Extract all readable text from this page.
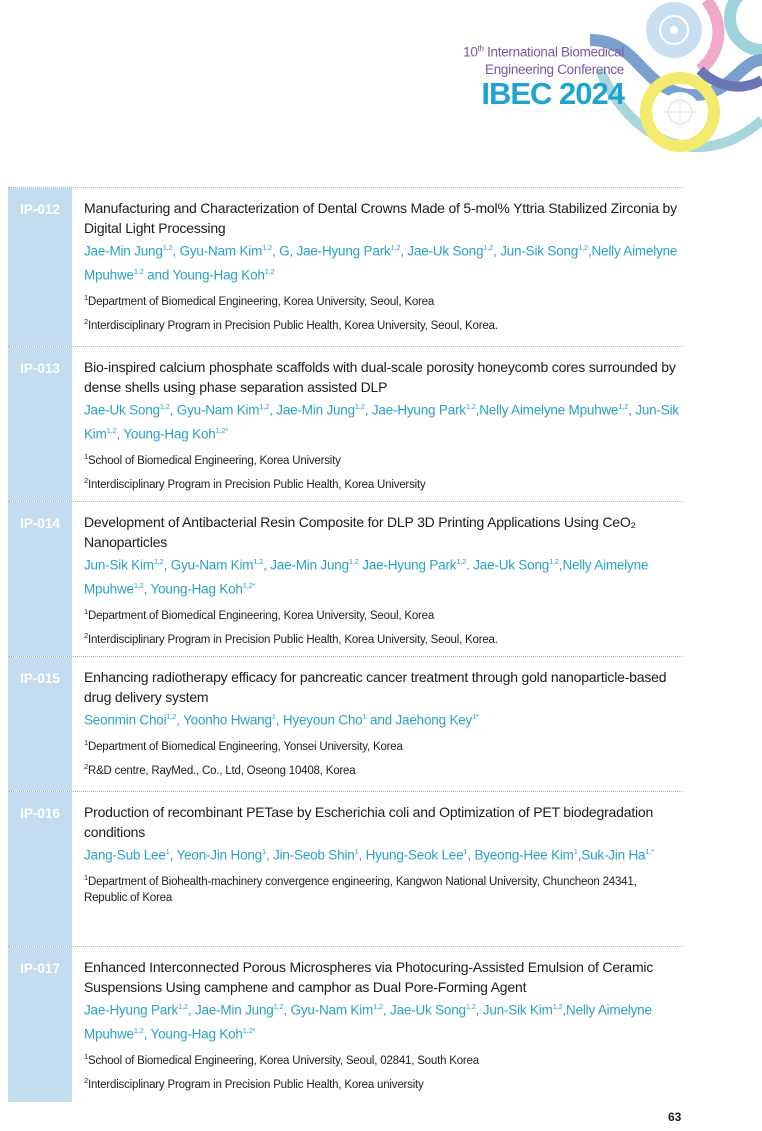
10th International Biomedical
Engineering Conference
IBEC 2024
IP-012	Manufacturing and Characterization of Dental Crowns Made of 5-mol% Yttria Stabilized Zirconia by Digital Light Processing
Jae-Min Jung$^{1,2}$, Gyu-Nam Kim$^{1,2}$, G, Jae-Hyung Park$^{1,2}$, Jae-Uk Song$^{1,2}$, Jun-Sik Song$^{1,2}$,Nelly Aimelyne Mpuhwe$^{1,2}$ and Young-Hag Koh$^{1,2}$
$^1$Department of Biomedical Engineering, Korea University, Seoul, Korea
$^2$Interdisciplinary Program in Precision Public Health, Korea University, Seoul, Korea.
IP-013	Bio-inspired calcium phosphate scaffolds with dual-scale porosity honeycomb cores surrounded by dense shells using phase separation assisted DLP
Jae-Uk Song$^{1,2}$, Gyu-Nam Kim$^{1,2}$, Jae-Min Jung$^{1,2}$, Jae-Hyung Park$^{1,2}$,Nelly Aimelyne Mpuhwe$^{1,2}$, Jun-Sik Kim$^{1,2}$, Young-Hag Koh$^{1,2*}$
$^1$School of Biomedical Engineering, Korea University
$^2$Interdisciplinary Program in Precision Public Health, Korea University
IP-014	Development of Antibacterial Resin Composite for DLP 3D Printing Applications Using CeO₂ Nanoparticles
Jun-Sik Kim$^{1,2}$, Gyu-Nam Kim$^{1,2}$, Jae-Min Jung$^{1,2}$ Jae-Hyung Park$^{1,2}$. Jae-Uk Song$^{1,2}$,Nelly Aimelyne Mpuhwe$^{1,2}$, Young-Hag Koh$^{1,2*}$
$^1$Department of Biomedical Engineering, Korea University, Seoul, Korea
$^2$Interdisciplinary Program in Precision Public Health, Korea University, Seoul, Korea.
IP-015	Enhancing radiotherapy efficacy for pancreatic cancer treatment through gold nanoparticle-based drug delivery system
Seonmin Choi$^{1,2}$, Yoonho Hwang$^1$, Hyeyoun Cho$^1$ and Jaehong Key$^{1*}$
$^1$Department of Biomedical Engineering, Yonsei University, Korea
$^2$R&D centre, RayMed., Co., Ltd, Oseong 10408, Korea
IP-016	Production of recombinant PETase by Escherichia coli and Optimization of PET biodegradation conditions
Jang-Sub Lee$^1$, Yeon-Jin Hong$^1$, Jin-Seob Shin$^1$, Hyung-Seok Lee$^1$, Byeong-Hee Kim$^1$,Suk-Jin $Ha^{1,*}$
$^1$Department of Biohealth-machinery convergence engineering, Kangwon National University, Chuncheon 24341, Republic of Korea
IP-017	Enhanced Interconnected Porous Microspheres via Photocuring-Assisted Emulsion of Ceramic Suspensions Using camphene and camphor as Dual Pore-Forming Agent
Jae-Hyung Park$^{1,2}$, Jae-Min Jung$^{1,2}$, Gyu-Nam Kim$^{1,2}$, Jae-Uk Song$^{1,2}$, Jun-Sik Kim$^{1,2}$,Nelly Aimelyne Mpuhwe$^{1,2}$, Young-Hag Koh$^{1,2*}$
$^1$School of Biomedical Engineering, Korea University, Seoul, 02841, South Korea
$^2$Interdisciplinary Program in Precision Public Health, Korea university
63
